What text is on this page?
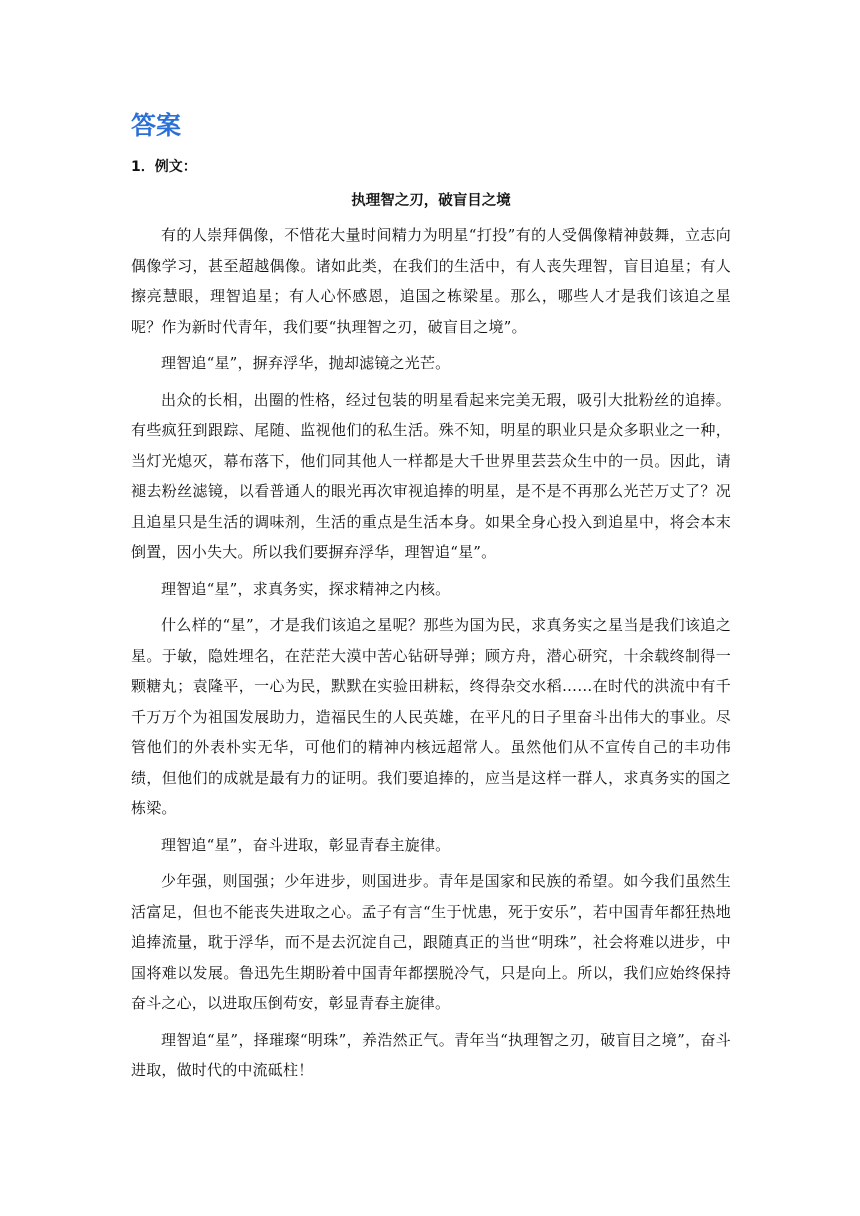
答案
1．例文：
执理智之刃，破盲目之境

有的人崇拜偶像，不惜花大量时间精力为明星“打投”有的人受偶像精神鼓舞，立志向偶像学习，甚至超越偶像。诸如此类，在我们的生活中，有人丧失理智，盲目追星；有人擦亮慧眼，理智追星；有人心怀感恩，追国之栋梁星。那么，哪些人才是我们该追之星呢？作为新时代青年，我们要“执理智之刃，破盲目之境”。

理智追“星”，摒弃浮华，抛却滤镜之光芒。

出众的长相，出圈的性格，经过包装的明星看起来完美无瑕，吸引大批粉丝的追捧。有些疯狂到跟踪、尾随、监视他们的私生活。殊不知，明星的职业只是众多职业之一种，当灯光熄灭，幕布落下，他们同其他人一样都是大千世界里芸芸众生中的一员。因此，请褪去粉丝滤镜，以看普通人的眼光再次审视追捧的明星，是不是不再那么光芒万丈了？况且追星只是生活的调味剂，生活的重点是生活本身。如果全身心投入到追星中，将会本末倒置，因小失大。所以我们要摒弃浮华，理智追“星”。

理智追“星”，求真务实，探求精神之内核。

什么样的“星”，才是我们该追之星呢？那些为国为民，求真务实之星当是我们该追之星。于敏，隐姓埋名，在茫茫大漠中苦心钻研导弹；顾方舟，潜心研究，十余载终制得一颗糖丸；袁隆平，一心为民，默默在实验田耕耘，终得杂交水稻……在时代的洪流中有千千万万个为祖国发展助力，造福民生的人民英雄，在平凡的日子里奋斗出伟大的事业。尽管他们的外表朴实无华，可他们的精神内核远超常人。虽然他们从不宣传自己的丰功伟绩，但他们的成就是最有力的证明。我们要追捧的，应当是这样一群人，求真务实的国之栋梁。

理智追“星”，奋斗进取，彰显青春主旋律。

少年强，则国强；少年进步，则国进步。青年是国家和民族的希望。如今我们虽然生活富足，但也不能丧失进取之心。孟子有言“生于忧患，死于安乐”，若中国青年都狂热地追捧流量，耽于浮华，而不是去沉淀自己，跟随真正的当世“明珠”，社会将难以进步，中国将难以发展。鲁迅先生期盼着中国青年都摆脱冷气，只是向上。所以，我们应始终保持奋斗之心，以进取压倒苟安，彰显青春主旋律。

理智追“星”，择璀璨“明珠”，养浩然正气。青年当“执理智之刃，破盲目之境”，奋斗进取，做时代的中流砥柱！
